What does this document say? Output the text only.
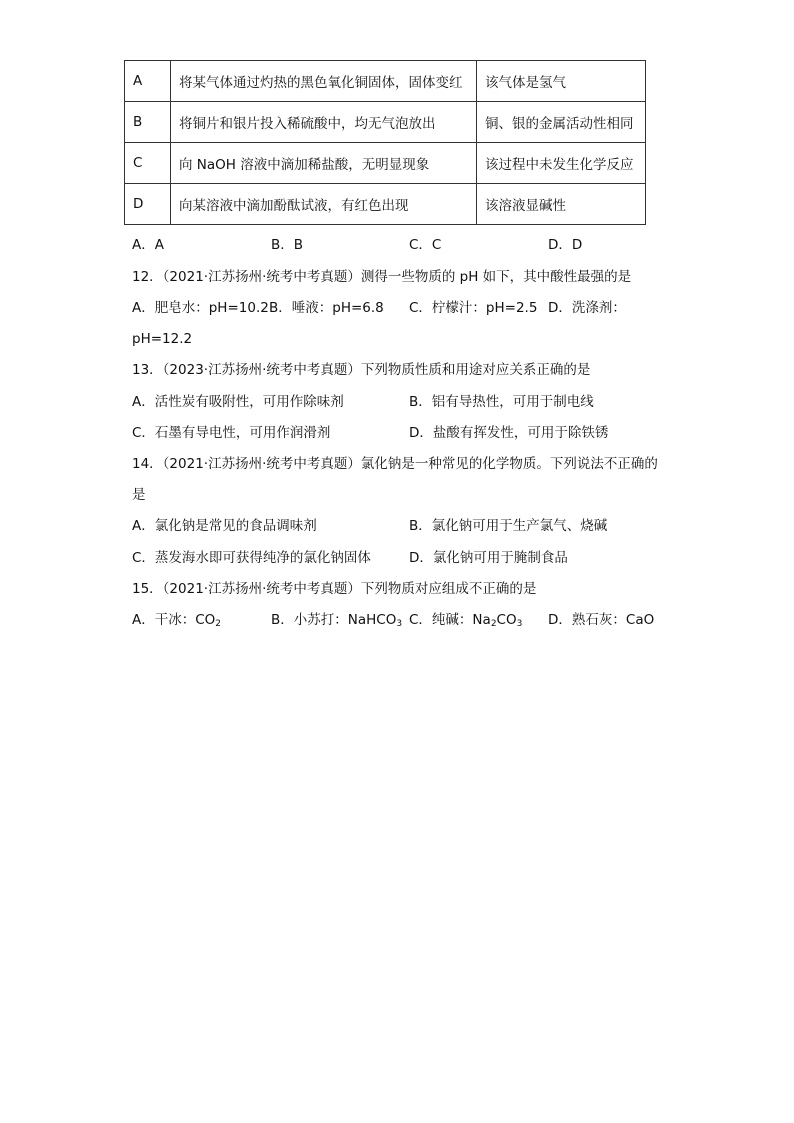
A	将某气体通过灼热的黑色氧化铜固体，固体变红	该气体是氢气
B	将铜片和银片投入稀硫酸中，均无气泡放出	铜、银的金属活动性相同
C	向 NaOH 溶液中滴加稀盐酸，无明显现象	该过程中未发生化学反应
D	向某溶液中滴加酚酞试液，有红色出现	该溶液显碱性
A．A	B．B	C．C	D．D
12．（2021·江苏扬州·统考中考真题）测得一些物质的 pH 如下，其中酸性最强的是
A．肥皂水：pH=10.2 B．唾液：pH=6.8 C．柠檬汁：pH=2.5 D．洗涤剂：
pH=12.2
13．（2023·江苏扬州·统考中考真题）下列物质性质和用途对应关系正确的是
A．活性炭有吸附性，可用作除味剂	B．铝有导热性，可用于制电线
C．石墨有导电性，可用作润滑剂	D．盐酸有挥发性，可用于除铁锈
14．（2021·江苏扬州·统考中考真题）氯化钠是一种常见的化学物质。下列说法不正确的
是
A．氯化钠是常见的食品调味剂	B．氯化钠可用于生产氯气、烧碱
C．蒸发海水即可获得纯净的氯化钠固体	D．氯化钠可用于腌制食品
15．（2021·江苏扬州·统考中考真题）下列物质对应组成不正确的是
A．干冰：$CO_2$	B．小苏打：NaHCO$_3$ C．纯碱：$Na_2CO_3$ D．熟石灰：CaO
